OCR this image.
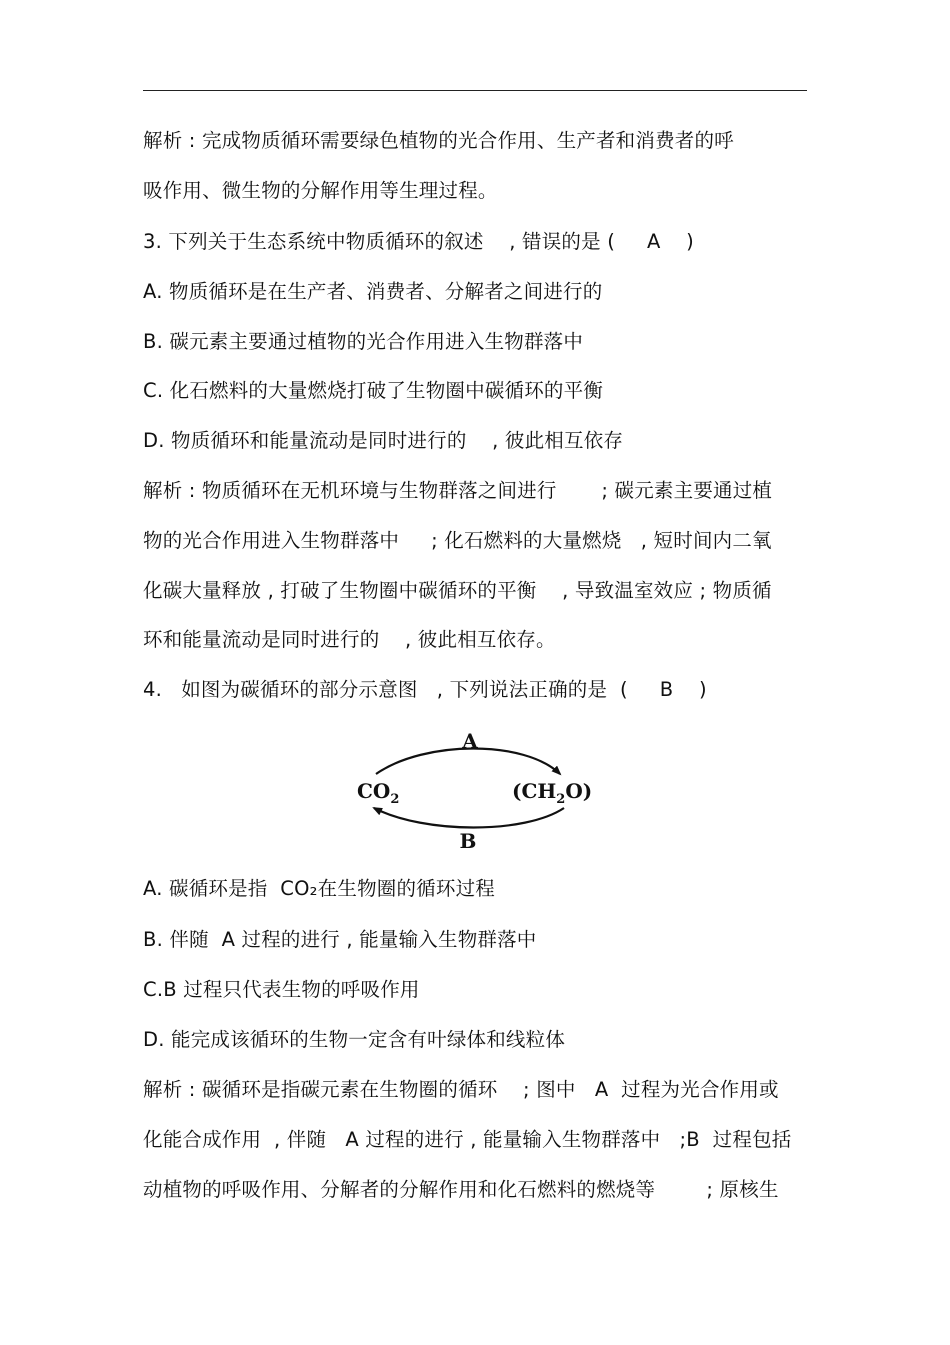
解析 : 完成物质循环需要绿色植物的光合作用、生产者和消费者的呼
吸作用、微生物的分解作用等生理过程。
3. 下列关于生态系统中物质循环的叙述    , 错误的是 (     A    )
A. 物质循环是在生产者、消费者、分解者之间进行的
B. 碳元素主要通过植物的光合作用进入生物群落中
C. 化石燃料的大量燃烧打破了生物圈中碳循环的平衡
D. 物质循环和能量流动是同时进行的    , 彼此相互依存
解析 : 物质循环在无机环境与生物群落之间进行       ; 碳元素主要通过植
物的光合作用进入生物群落中     ; 化石燃料的大量燃烧   , 短时间内二氧
化碳大量释放 , 打破了生物圈中碳循环的平衡    , 导致温室效应 ; 物质循
环和能量流动是同时进行的    , 彼此相互依存。
4.   如图为碳循环的部分示意图   , 下列说法正确的是  (     B    )
A
B
$CO_2$	$(CH_2O)$
A. 碳循环是指  CO₂在生物圈的循环过程
B. 伴随  A 过程的进行 , 能量输入生物群落中
C.B 过程只代表生物的呼吸作用
D. 能完成该循环的生物一定含有叶绿体和线粒体
解析 : 碳循环是指碳元素在生物圈的循环    ; 图中   A  过程为光合作用或
化能合成作用  , 伴随   A 过程的进行 , 能量输入生物群落中   ;B  过程包括
动植物的呼吸作用、分解者的分解作用和化石燃料的燃烧等        ; 原核生
